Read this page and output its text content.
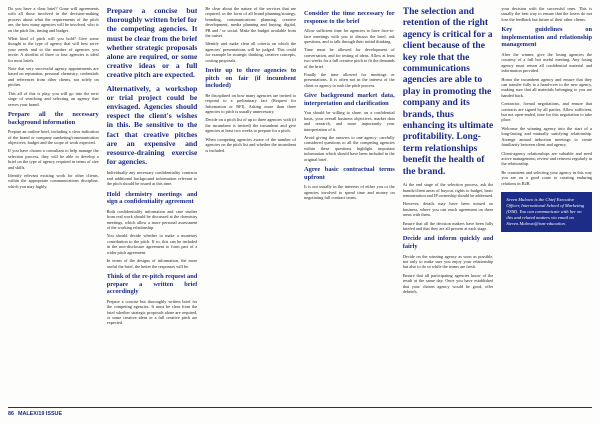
Do you have a clear brief? Gone will agreements with all those involved in the decision-making process about what the requirements of the pitch are, the how many agencies will be involved, who is on the pitch list, timing and budget.

What kind of pitch will you hold? Give some thought to the type of agency that will best serve your needs and to the number of agencies you invite. A shortlist of three or four agencies is ideal for most briefs.

Note that very successful agency appointments are based on reputation, personal chemistry, credentials and references from other clients, not solely on pitches.

This all of this is play, you will go into the next stage of searching and selecting an agency that serves your brand.

Prepare all the necessary background information

Prepare an outline brief, including a clear indication of the brand or company marketing/communication objectives, budget and the scope of work expected.

If you have chosen a consultant to help manage the selection process, they will be able to develop a brief on the type of agency required in terms of size and skills.

Identify relevant existing work for other clients, within the appropriate communications discipline, which you may highly.

Prepare a concise but thoroughly written brief for the competing agencies. It must be clear from the brief whether strategic proposals alone are required, or some creative ideas or a full creative pitch are expected.
Alternatively, a workshop or trial project could be envisaged. Agencies should respect the client's wishes in this. Be sensitive to the fact that creative pitches are an expensive and resource-draining exercise for agencies.

Individually any necessary confidentiality contracts and additional background information relevant to the pitch should be issued at this time.

Hold chemistry meetings and sign a confidentiality agreement

Both confidentiality information and case studies from real work should be discussed at the chemistry meetings, which allow a more personal assessment of the working relationship.

You should decide whether to make a monetary contribution to the pitch. If so, this can be included in the non-disclosure agreement to form part of a wider pitch agreement.

In terms of the designs of information, the more useful the brief, the better the responses will be.

Think of the re-pitch request and prepare a written brief accordingly

Prepare a concise but thoroughly written brief for the competing agencies. It must be clear from the brief whether strategic proposals alone are required, or some creative ideas or a full creative pitch are expected.

Be clear about the nature of the services that are required, in the form of all brand planning/strategy, branding, communications planning, creative development, media planning and buying, digital, PR and / or social. Make the budget available from the outset.

Identify and make clear all criteria on which the agencies' presentations will be judged. This could for example be strategic thinking, creative concepts, costing proposals.

Invite up to three agencies to pitch on fair (if incumbent included)

Be disciplined on how many agencies are invited to respond to a preliminary fact (Request for Information or RFI). Asking more than three agencies to pitch is usually unnecessary.

Decide on a pitch list of up to three agencies with (if the incumbent is invited) the incumbent and give agencies at least two weeks to prepare for a pitch.

When competing agencies aware of the number of agencies on the pitch list and whether the incumbent is included.

Consider the time necessary for response to the brief

Allow sufficient time for agencies to have face-to-face meetings with you to discuss the brief, ask questions, and to talk through their initial thinking.

Time must be allowed for development of conversation, and for testing of ideas. Allow at least two weeks for a full creative pitch to fit the demands of the brief.

Finally the time allowed for meetings or presentations. It is often not in the interest of the client or agency to rush the pitch process.

Give background market data, interpretation and clarification

You should be willing to share, on a confidential basis, your overall business objectives, market data and research, and more importantly your interpretation of it.

Avoid giving the answers to one agency: carefully considered questions to all the competing agencies within these questions highlight important information which should have been included in the original brief.

Agree basic contractual terms upfront

It is not usually in the interests of either you or the agencies involved to spend time and money on negotiating full contract terms.

The selection and retention of the right agency is critical for a client because of the key role that the communications agencies are able to play in promoting the company and its brands, thus enhancing its ultimate profitability. Long-term relationships benefit the health of the brand.

At the end stage of the selection process, ask the brands/client areas of buyout, rights to budget, basic remuneration and IP ownership should be addressed.

However, details may have been missed on business, where you can reach agreement on these areas with them.

Ensure that all the decision makers have been fully briefed and that they are all present at each stage.

Decide and inform quickly and fairly

Decide on the winning agency as soon as possible, not only to make sure you enjoy your relationship but also to do so while the teams are fresh.

Ensure that all participating agencies know of the result at the same day. Once you have established that your chosen agency would be good, offer debriefs.

your decision with the successful ones. This is usually the best way to ensure that the losers do not lose the feedback but future of their other clients.

Key guidelines on implementation and relationship management

After the winner, give the losing agencies the courtesy of a full but useful meeting. Any losing agency must return all confidential material and information provided.

Honor the incumbent agency and ensure that they can transfer fully to a hand-over to the new agency, making sure that all materials belonging to you are handed back.

Contractor, formal negotiations, and ensure that contracts are signed by all parties. Allow sufficient, but not open-ended, time for this negotiation to take place.

Welcome the winning agency into the start of a long-lasting and mutually satisfying relationship. Arrange annual induction meetings to create familiarity between client and agency.

Client-agency relationships are valuable and need active management; review and reinvest regularly in the relationship.

Be consistent and selecting your agency in this way you are on a good route to creating enduring relations in B2B.

Seven Mulowo is the Chief Executive Officer, International School of Marketing (ISM). You can communicate with her on this and related matters via email on Steven.Mulowo@ism-education.
86 MALEX/19 ISSUE
